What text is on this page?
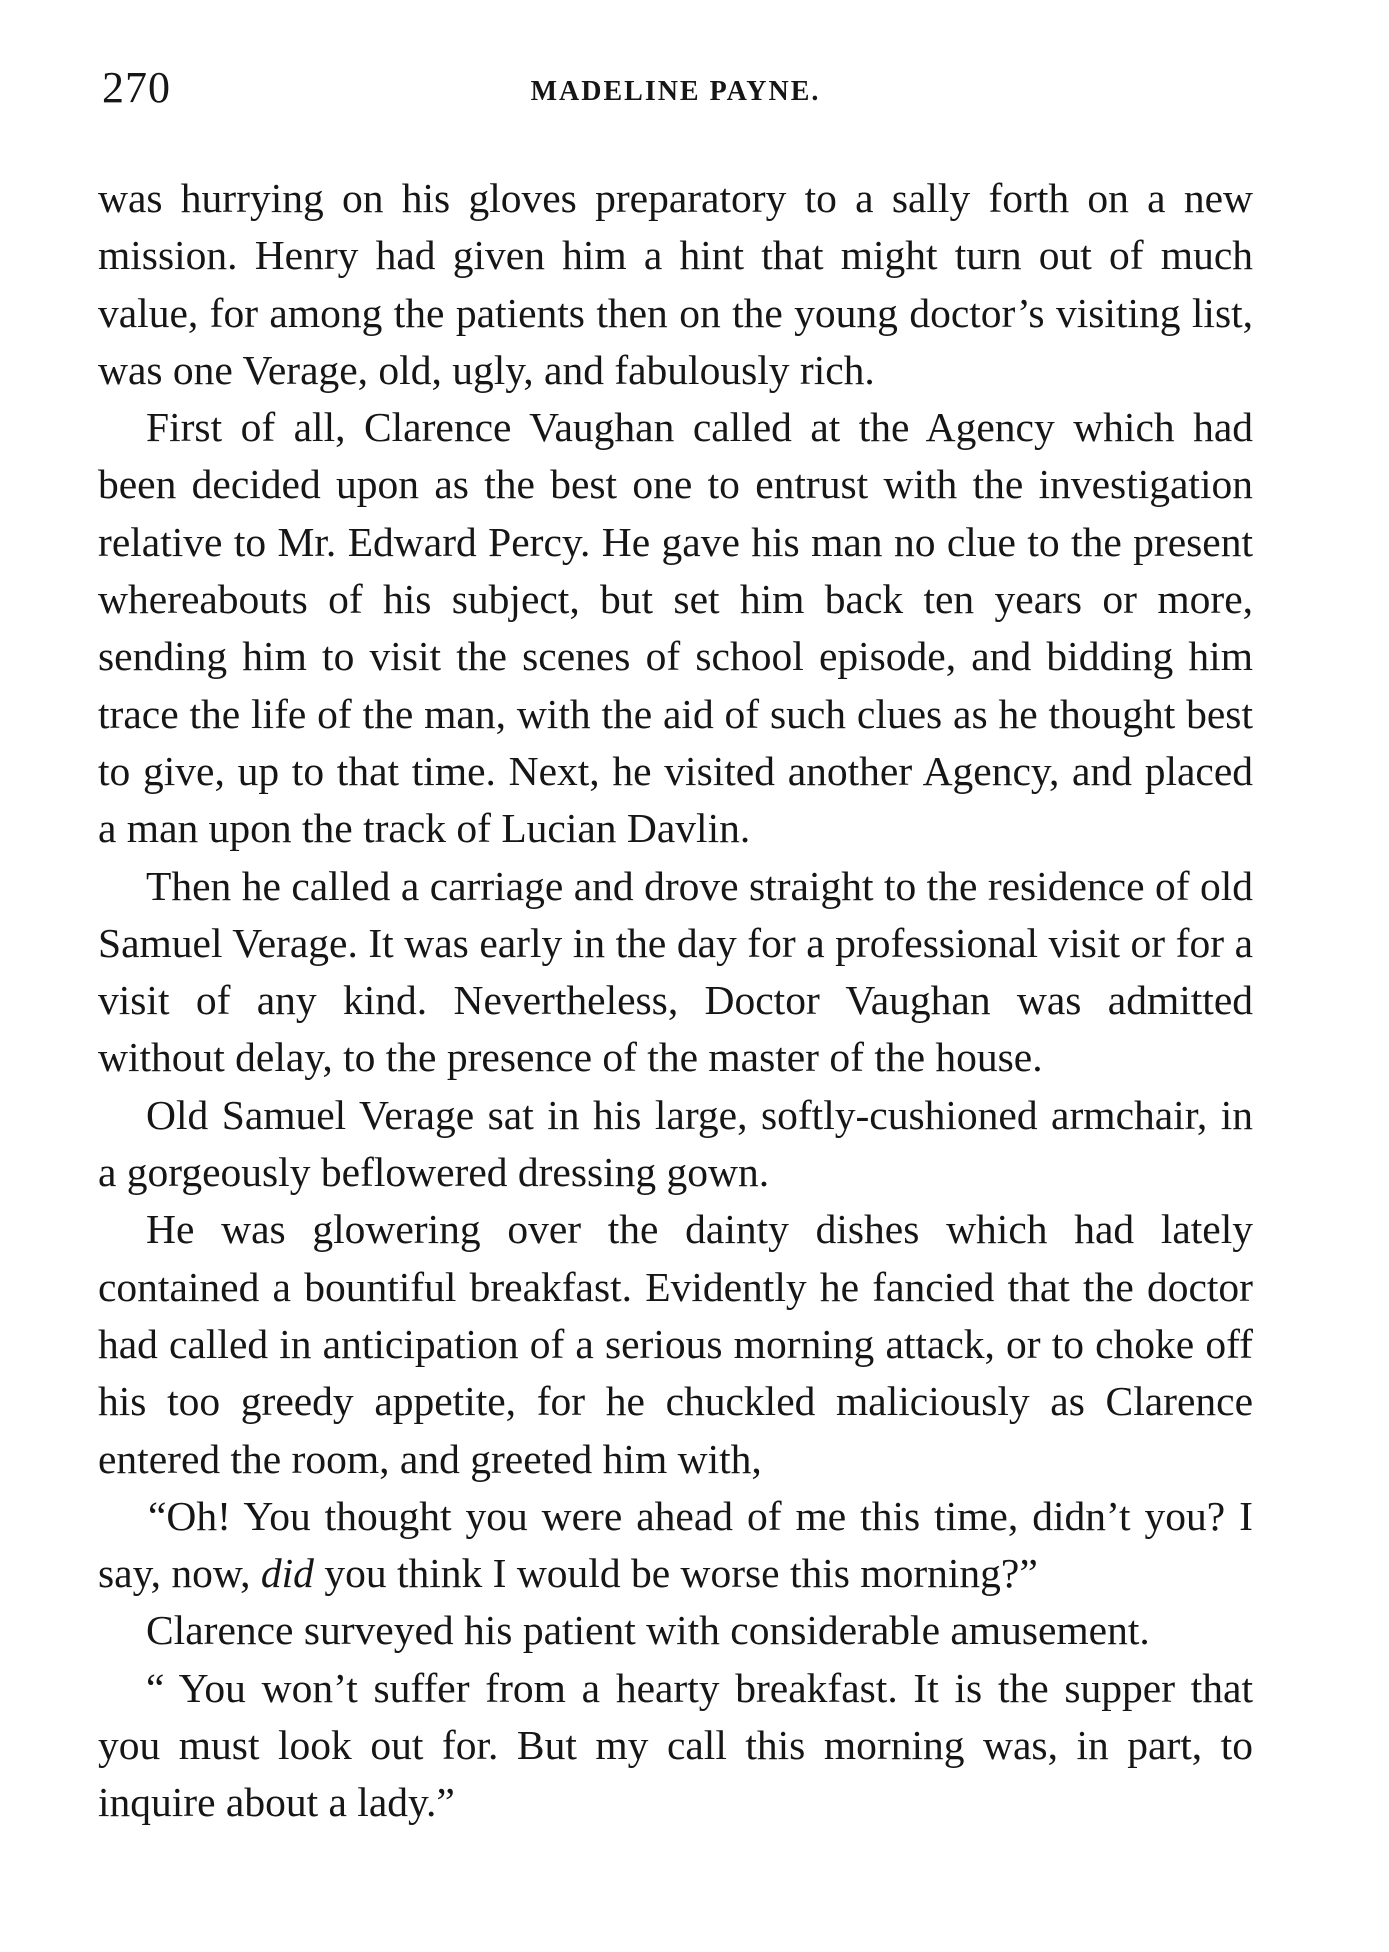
270	MADELINE PAYNE.

was hurrying on his gloves preparatory to a sally forth on a new mission. Henry had given him a hint that might turn out of much value, for among the patients then on the young doctor’s visiting list, was one Verage, old, ugly, and fabulously rich.

First of all, Clarence Vaughan called at the Agency which had been decided upon as the best one to entrust with the investigation relative to Mr. Edward Percy. He gave his man no clue to the present whereabouts of his subject, but set him back ten years or more, sending him to visit the scenes of school episode, and bidding him trace the life of the man, with the aid of such clues as he thought best to give, up to that time. Next, he visited another Agency, and placed a man upon the track of Lucian Davlin.

Then he called a carriage and drove straight to the residence of old Samuel Verage. It was early in the day for a professional visit or for a visit of any kind. Nevertheless, Doctor Vaughan was admitted without delay, to the presence of the master of the house.

Old Samuel Verage sat in his large, softly-cushioned armchair, in a gorgeously beflowered dressing gown.

He was glowering over the dainty dishes which had lately contained a bountiful breakfast. Evidently he fancied that the doctor had called in anticipation of a serious morning attack, or to choke off his too greedy appetite, for he chuckled maliciously as Clarence entered the room, and greeted him with,

“Oh! You thought you were ahead of me this time, didn’t you? I say, now, did you think I would be worse this morning?”

Clarence surveyed his patient with considerable amusement.

“ You won’t suffer from a hearty breakfast. It is the supper that you must look out for. But my call this morning was, in part, to inquire about a lady.”
